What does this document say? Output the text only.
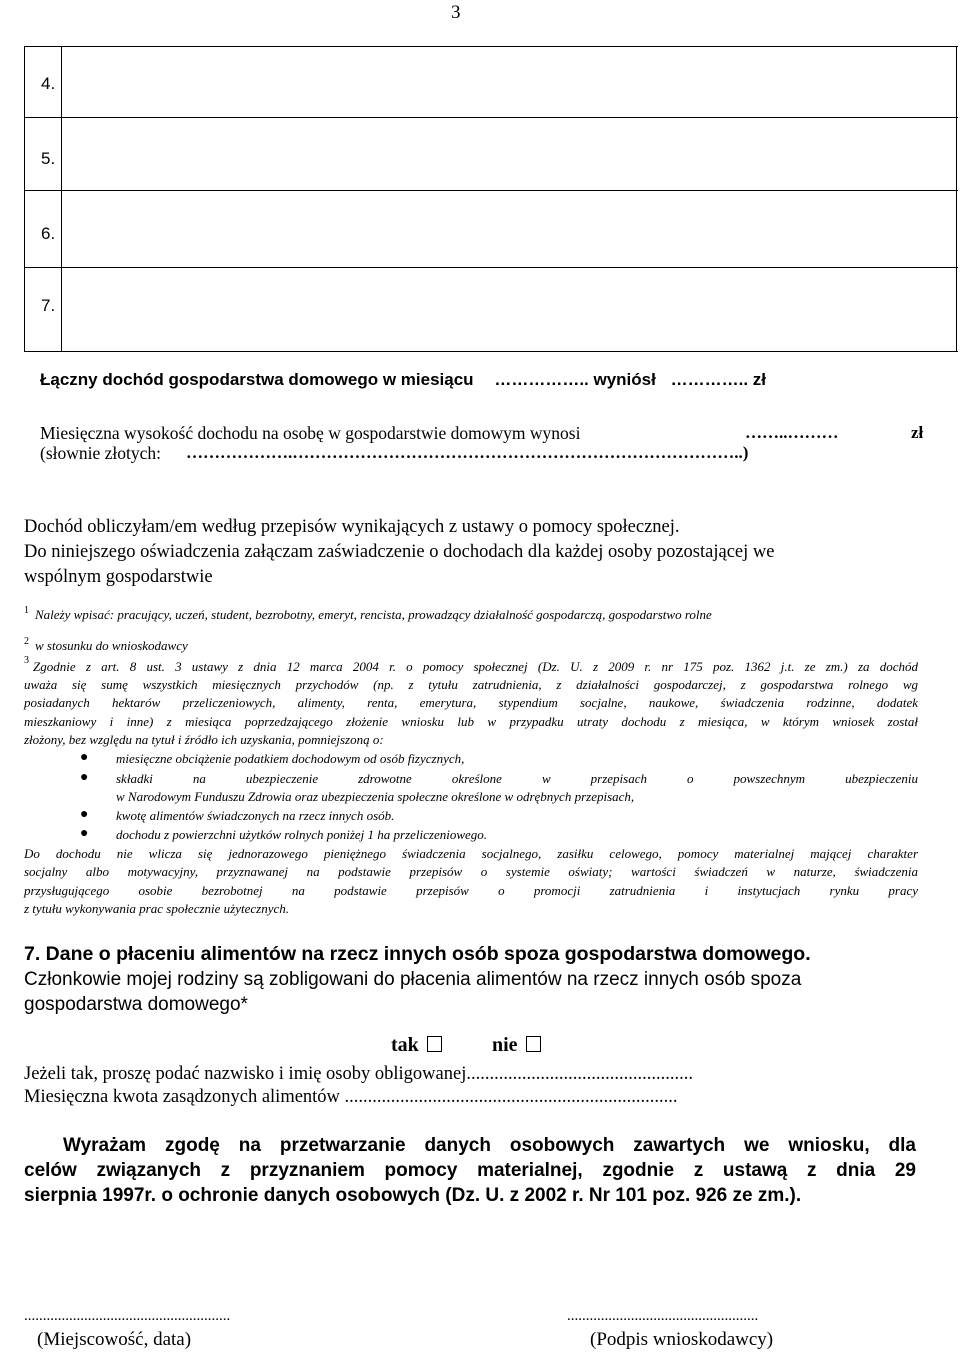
3
4.
5.
6.
7.
Łączny dochód gospodarstwa domowego w miesiącu …………….. wyniósł ………….. zł
Miesięczna wysokość dochodu na osobę w gospodarstwie domowym wynosi	……..………	zł
(słownie złotych: ……………….……………………………………………………………………..)
Dochód obliczyłam/em według przepisów wynikających z ustawy o pomocy społecznej.
Do niniejszego oświadczenia załączam zaświadczenie o dochodach dla każdej osoby pozostającej we
wspólnym gospodarstwie
$^1$ Należy wpisać: pracujący, uczeń, student, bezrobotny, emeryt, rencista, prowadzący działalność gospodarczą, gospodarstwo rolne
$^2$ w stosunku do wnioskodawcy
$^3$ Zgodnie z art. 8 ust. 3 ustawy z dnia 12 marca 2004 r. o pomocy społecznej (Dz. U. z 2009 r. nr 175 poz. 1362 j.t. ze zm.) za dochód
uważa się sumę wszystkich miesięcznych przychodów (np. z tytułu zatrudnienia, z działalności gospodarczej, z gospodarstwa rolnego wg
posiadanych hektarów przeliczeniowych, alimenty, renta, emerytura, stypendium socjalne, naukowe, świadczenia rodzinne, dodatek
mieszkaniowy i inne) z miesiąca poprzedzającego złożenie wniosku lub w przypadku utraty dochodu z miesiąca, w którym wniosek został
złożony, bez względu na tytuł i źródło ich uzyskania, pomniejszoną o:
● miesięczne obciążenie podatkiem dochodowym od osób fizycznych,
● składki na ubezpieczenie zdrowotne określone w przepisach o powszechnym ubezpieczeniu
w Narodowym Funduszu Zdrowia oraz ubezpieczenia społeczne określone w odrębnych przepisach,
● kwotę alimentów świadczonych na rzecz innych osób.
● dochodu z powierzchni użytków rolnych poniżej 1 ha przeliczeniowego.
Do dochodu nie wlicza się jednorazowego pieniężnego świadczenia socjalnego, zasiłku celowego, pomocy materialnej mającej charakter
socjalny albo motywacyjny, przyznawanej na podstawie przepisów o systemie oświaty; wartości świadczeń w naturze, świadczenia
przysługującego osobie bezrobotnej na podstawie przepisów o promocji zatrudnienia i instytucjach rynku pracy
z tytułu wykonywania prac społecznie użytecznych.
7. Dane o płaceniu alimentów na rzecz innych osób spoza gospodarstwa domowego.
Członkowie mojej rodziny są zobligowani do płacenia alimentów na rzecz innych osób spoza
gospodarstwa domowego*
tak	nie
Jeżeli tak, proszę podać nazwisko i imię osoby obligowanej.................................................
Miesięczna kwota zasądzonych alimentów ........................................................................
Wyrażam zgodę na przetwarzanie danych osobowych zawartych we wniosku, dla
celów związanych z przyznaniem pomocy materialnej, zgodnie z ustawą z dnia 29
sierpnia 1997r. o ochronie danych osobowych (Dz. U. z 2002 r. Nr 101 poz. 926 ze zm.).
.......................................................
(Miejscowość, data)
...................................................
(Podpis wnioskodawcy)
